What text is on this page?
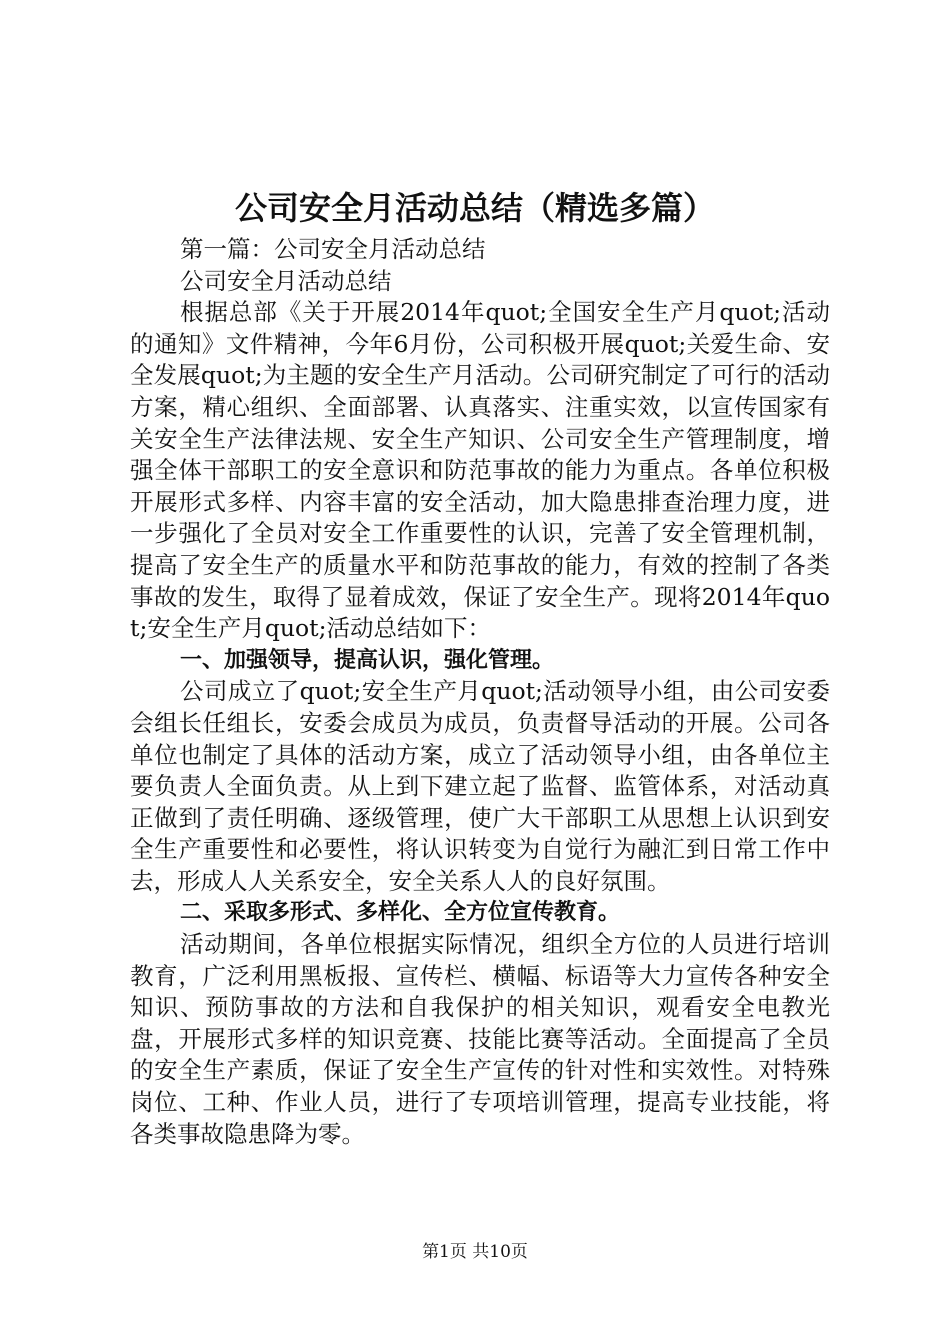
公司安全月活动总结（精选多篇）

第一篇：公司安全月活动总结

公司安全月活动总结

根据总部《关于开展2014年quot;全国安全生产月quot;活动的通知》文件精神，今年6月份，公司积极开展quot;关爱生命、安全发展quot;为主题的安全生产月活动。公司研究制定了可行的活动方案，精心组织、全面部署、认真落实、注重实效，以宣传国家有关安全生产法律法规、安全生产知识、公司安全生产管理制度，增强全体干部职工的安全意识和防范事故的能力为重点。各单位积极开展形式多样、内容丰富的安全活动，加大隐患排查治理力度，进一步强化了全员对安全工作重要性的认识，完善了安全管理机制，提高了安全生产的质量水平和防范事故的能力，有效的控制了各类事故的发生，取得了显着成效，保证了安全生产。现将2014年quot;安全生产月quot;活动总结如下：

一、加强领导，提高认识，强化管理。

公司成立了quot;安全生产月quot;活动领导小组，由公司安委会组长任组长，安委会成员为成员，负责督导活动的开展。公司各单位也制定了具体的活动方案，成立了活动领导小组，由各单位主要负责人全面负责。从上到下建立起了监督、监管体系，对活动真正做到了责任明确、逐级管理，使广大干部职工从思想上认识到安全生产重要性和必要性，将认识转变为自觉行为融汇到日常工作中去，形成人人关系安全，安全关系人人的良好氛围。

二、采取多形式、多样化、全方位宣传教育。

活动期间，各单位根据实际情况，组织全方位的人员进行培训教育，广泛利用黑板报、宣传栏、横幅、标语等大力宣传各种安全知识、预防事故的方法和自我保护的相关知识，观看安全电教光盘，开展形式多样的知识竞赛、技能比赛等活动。全面提高了全员的安全生产素质，保证了安全生产宣传的针对性和实效性。对特殊岗位、工种、作业人员，进行了专项培训管理，提高专业技能，将各类事故隐患降为零。

第1页 共10页
